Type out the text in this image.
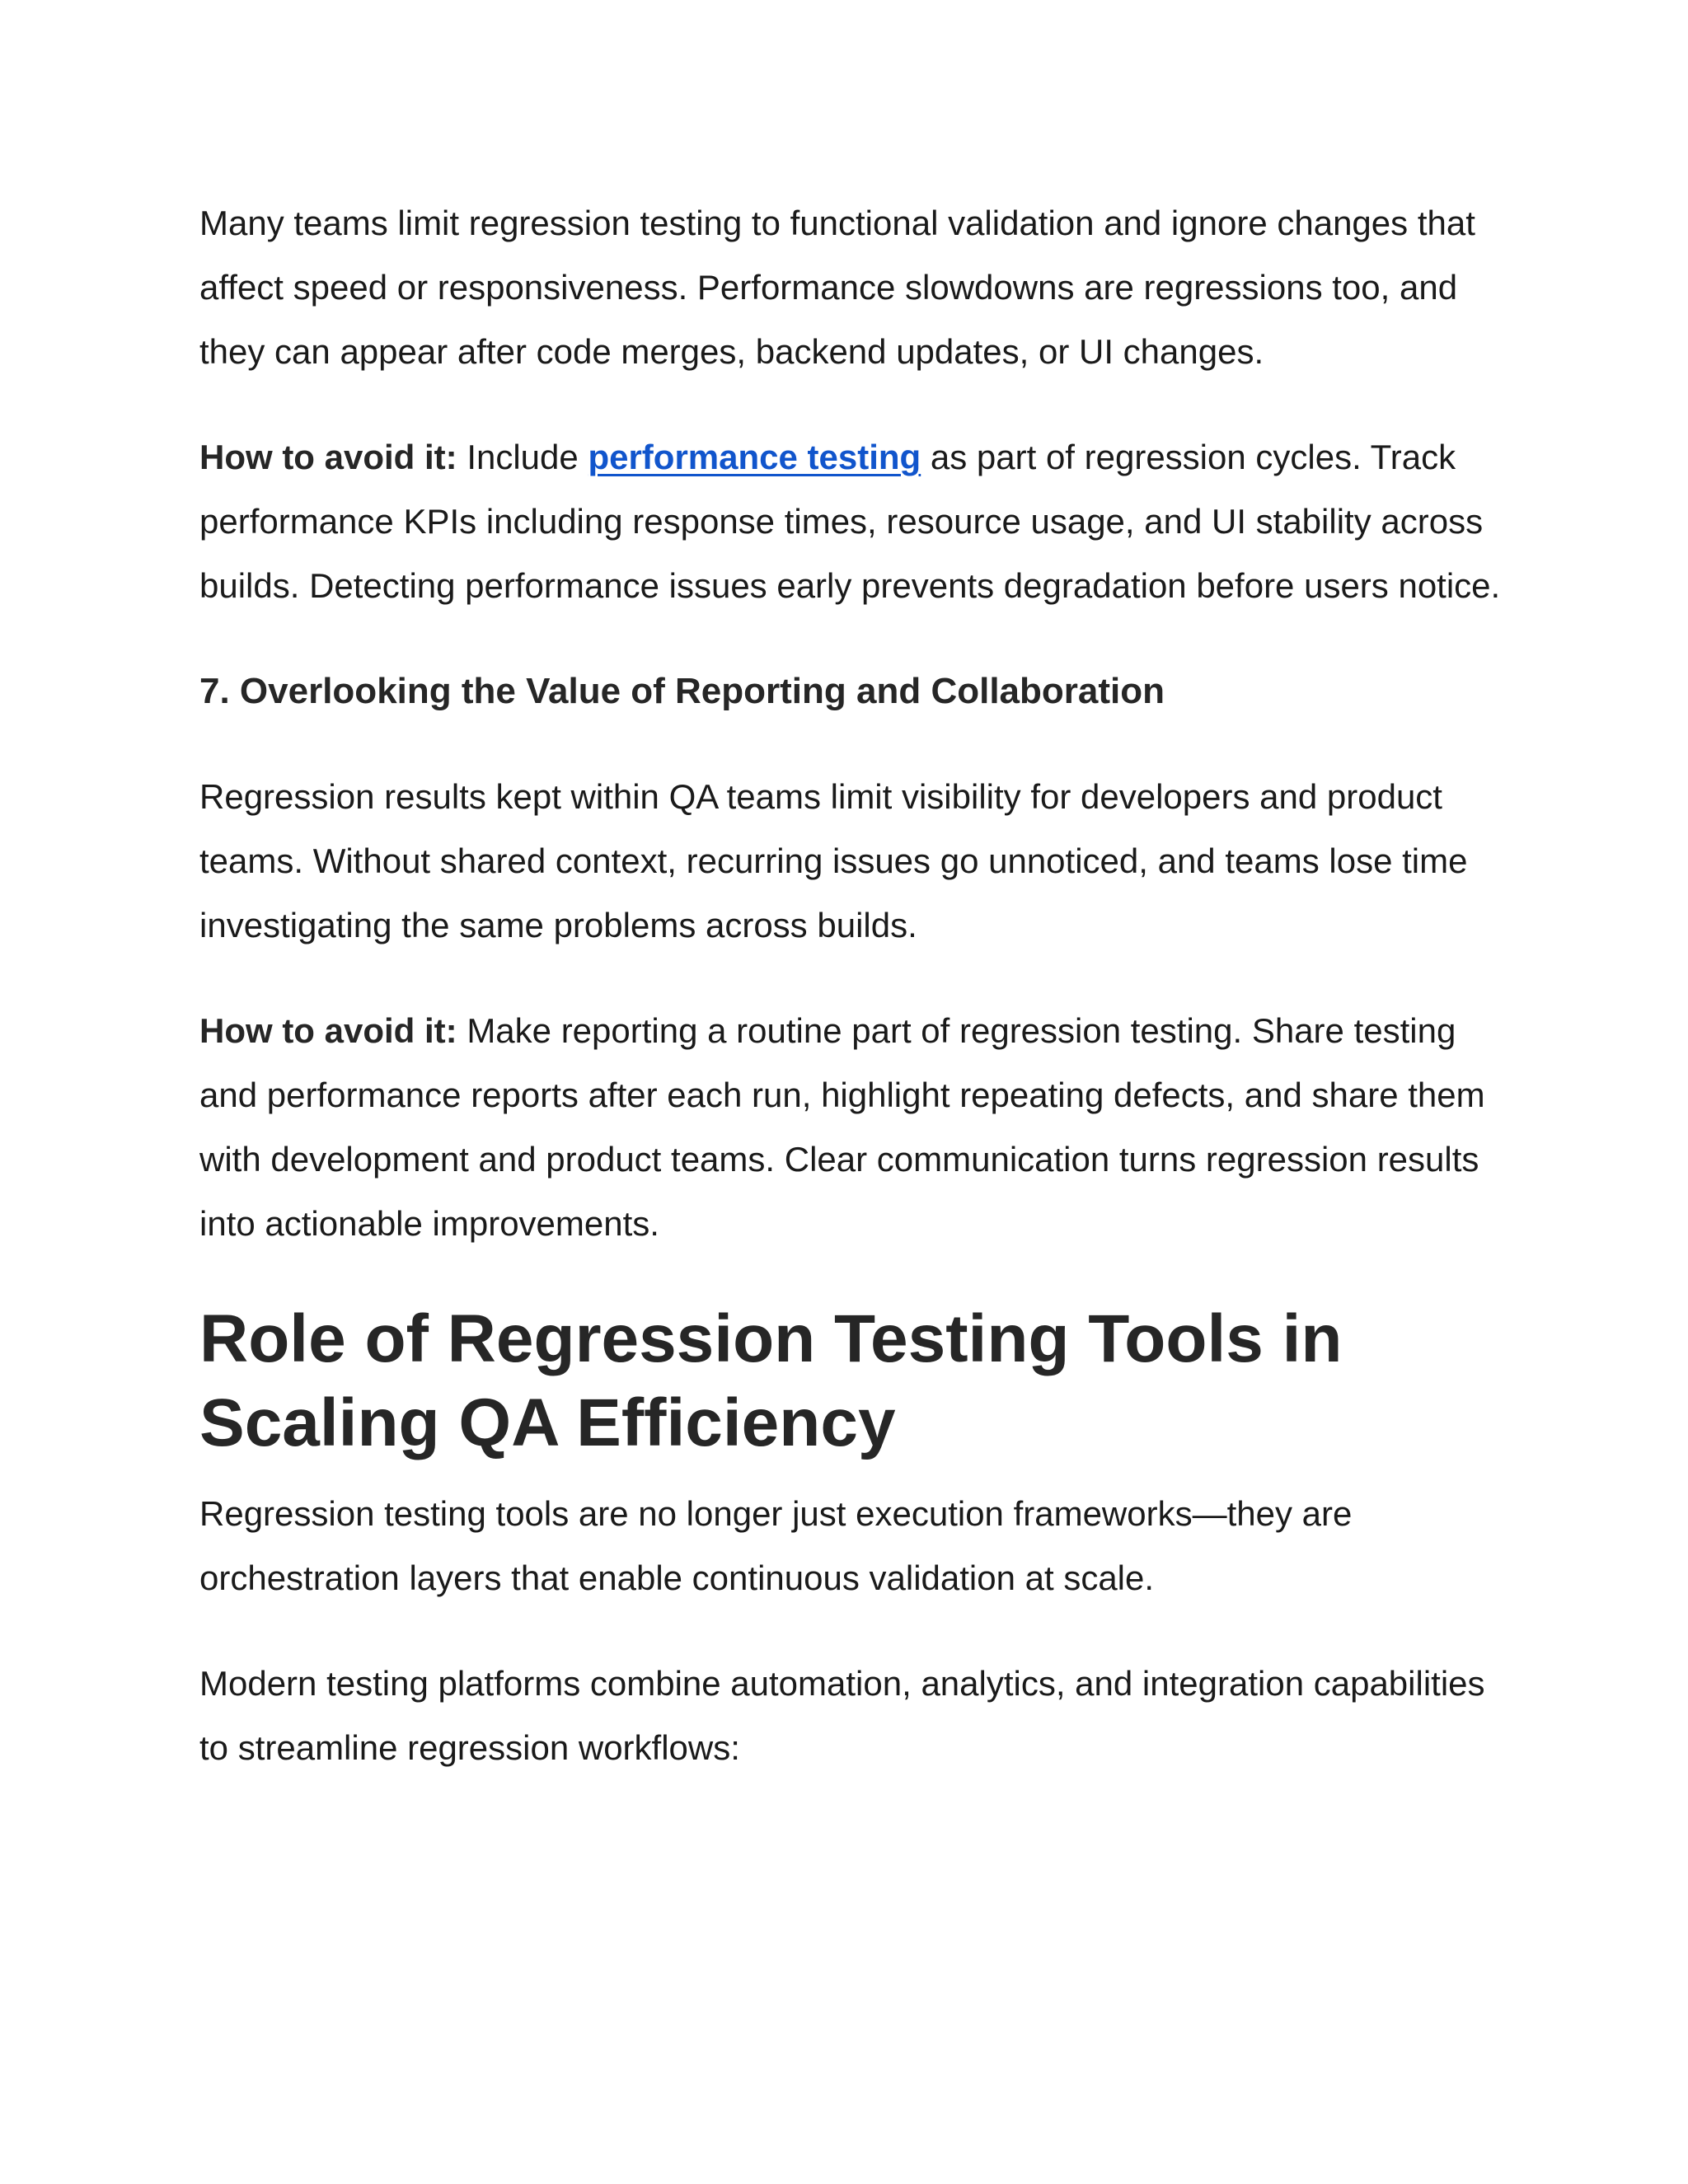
Many teams limit regression testing to functional validation and ignore changes that affect speed or responsiveness. Performance slowdowns are regressions too, and they can appear after code merges, backend updates, or UI changes.

How to avoid it: Include performance testing as part of regression cycles. Track performance KPIs including response times, resource usage, and UI stability across builds. Detecting performance issues early prevents degradation before users notice.

7. Overlooking the Value of Reporting and Collaboration

Regression results kept within QA teams limit visibility for developers and product teams. Without shared context, recurring issues go unnoticed, and teams lose time investigating the same problems across builds.

How to avoid it: Make reporting a routine part of regression testing. Share testing and performance reports after each run, highlight repeating defects, and share them with development and product teams. Clear communication turns regression results into actionable improvements.

Role of Regression Testing Tools in Scaling QA Efficiency

Regression testing tools are no longer just execution frameworks—they are orchestration layers that enable continuous validation at scale.

Modern testing platforms combine automation, analytics, and integration capabilities to streamline regression workflows:
